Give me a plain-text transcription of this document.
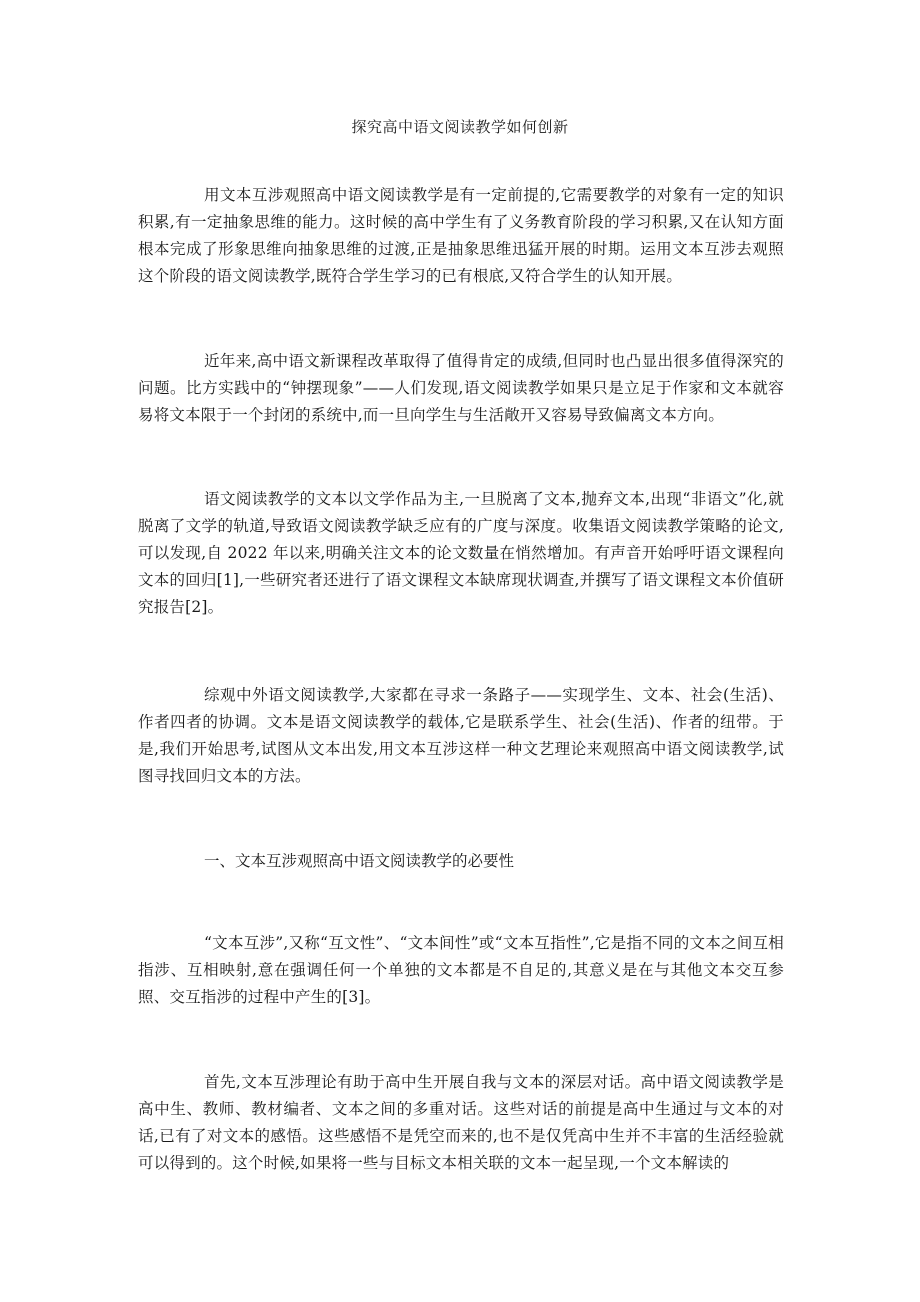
探究高中语文阅读教学如何创新

用文本互涉观照高中语文阅读教学是有一定前提的,它需要教学的对象有一定的知识积累,有一定抽象思维的能力。这时候的高中学生有了义务教育阶段的学习积累,又在认知方面根本完成了形象思维向抽象思维的过渡,正是抽象思维迅猛开展的时期。运用文本互涉去观照这个阶段的语文阅读教学,既符合学生学习的已有根底,又符合学生的认知开展。

近年来,高中语文新课程改革取得了值得肯定的成绩,但同时也凸显出很多值得深究的问题。比方实践中的“钟摆现象”——人们发现,语文阅读教学如果只是立足于作家和文本就容易将文本限于一个封闭的系统中,而一旦向学生与生活敞开又容易导致偏离文本方向。

语文阅读教学的文本以文学作品为主,一旦脱离了文本,抛弃文本,出现“非语文”化,就脱离了文学的轨道,导致语文阅读教学缺乏应有的广度与深度。收集语文阅读教学策略的论文,可以发现,自 2022 年以来,明确关注文本的论文数量在悄然增加。有声音开始呼吁语文课程向文本的回归[1],一些研究者还进行了语文课程文本缺席现状调查,并撰写了语文课程文本价值研究报告[2]。

综观中外语文阅读教学,大家都在寻求一条路子——实现学生、文本、社会(生活)、作者四者的协调。文本是语文阅读教学的载体,它是联系学生、社会(生活)、作者的纽带。于是,我们开始思考,试图从文本出发,用文本互涉这样一种文艺理论来观照高中语文阅读教学,试图寻找回归文本的方法。

一、文本互涉观照高中语文阅读教学的必要性

“文本互涉”,又称“互文性”、“文本间性”或“文本互指性”,它是指不同的文本之间互相指涉、互相映射,意在强调任何一个单独的文本都是不自足的,其意义是在与其他文本交互参照、交互指涉的过程中产生的[3]。

首先,文本互涉理论有助于高中生开展自我与文本的深层对话。高中语文阅读教学是高中生、教师、教材编者、文本之间的多重对话。这些对话的前提是高中生通过与文本的对话,已有了对文本的感悟。这些感悟不是凭空而来的,也不是仅凭高中生并不丰富的生活经验就可以得到的。这个时候,如果将一些与目标文本相关联的文本一起呈现,一个文本解读的
